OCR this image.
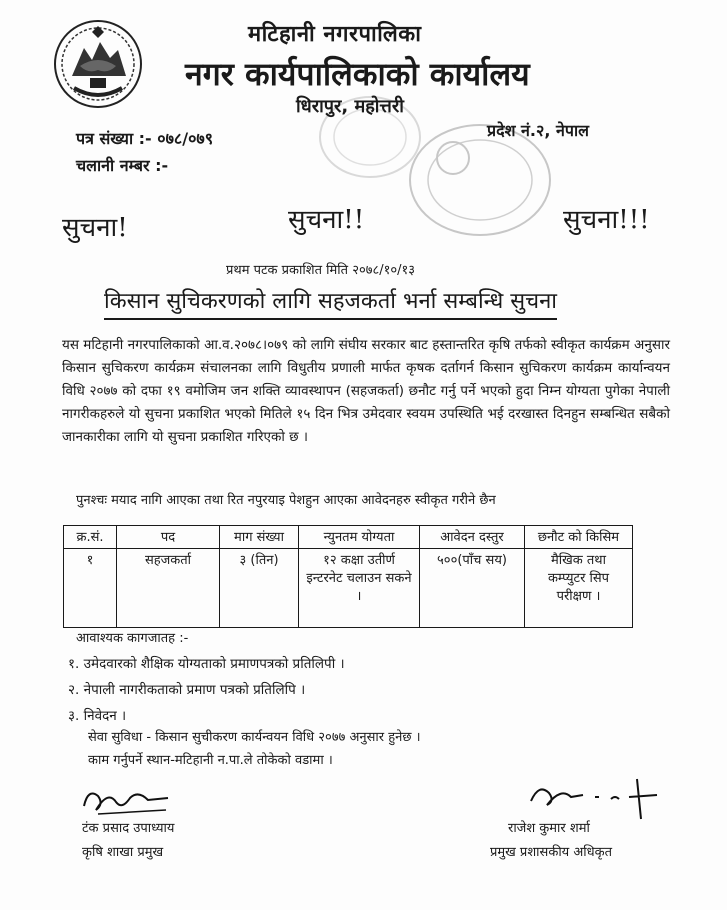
मटिहानी नगरपालिका
नगर कार्यपालिकाको कार्यालय
धिरापुर, महोत्तरी
पत्र संख्या :- ०७८/०७९
चलानी नम्बर :-
प्रदेश नं.२, नेपाल
सुचना!	सुचना!!	सुचना!!!
प्रथम पटक प्रकाशित मिति २०७८/१०/१३
किसान सुचिकरणको लागि सहजकर्ता भर्ना सम्बन्धि सुचना
यस मटिहानी नगरपालिकाको आ.व.२०७८।०७९ को लागि संघीय सरकार बाट हस्तान्तरित कृषि तर्फको स्वीकृत कार्यक्रम अनुसार किसान सुचिकरण कार्यक्रम संचालनका लागि विधुतीय प्रणाली मार्फत कृषक दर्तागर्न किसान सुचिकरण कार्यक्रम कार्यान्वयन विधि २०७७ को दफा १९ वमोजिम जन शक्ति व्यावस्थापन (सहजकर्ता) छनौट गर्नु पर्ने भएको हुदा निम्न योग्यता पुगेका नेपाली नागरीकहरुले यो सुचना प्रकाशित भएको मितिले १५ दिन भित्र उमेदवार स्वयम उपस्थिति भई दरखास्त दिनहुन सम्बन्धित सबैको जानकारीका लागि यो सुचना प्रकाशित गरिएको छ ।
पुनश्चः मयाद नागि आएका तथा रित नपुरयाइ पेशहुन आएका आवेदनहरु स्वीकृत गरीने छैन
क्र.सं.	पद	माग संख्या	न्युनतम योग्यता	आवेदन दस्तुर	छनौट को किसिम
१	सहजकर्ता	३ (तिन)	१२ कक्षा उतीर्ण इन्टरनेट चलाउन सकने ।	५००(पाँच सय)	मैखिक तथा कम्प्युटर सिप परीक्षण ।
आवाश्यक कागजातह :-
१. उमेदवारको शैक्षिक योग्यताको प्रमाणपत्रको प्रतिलिपी ।
२. नेपाली नागरीकताको प्रमाण पत्रको प्रतिलिपि ।
३. निवेदन ।
सेवा सुविधा - किसान सुचीकरण कार्यन्वयन विधि २०७७ अनुसार हुनेछ ।
काम गर्नुपर्ने स्थान-मटिहानी न.पा.ले तोकेको वडामा ।
टंक प्रसाद उपाध्याय
कृषि शाखा प्रमुख
राजेश कुमार शर्मा
प्रमुख प्रशासकीय अधिकृत
